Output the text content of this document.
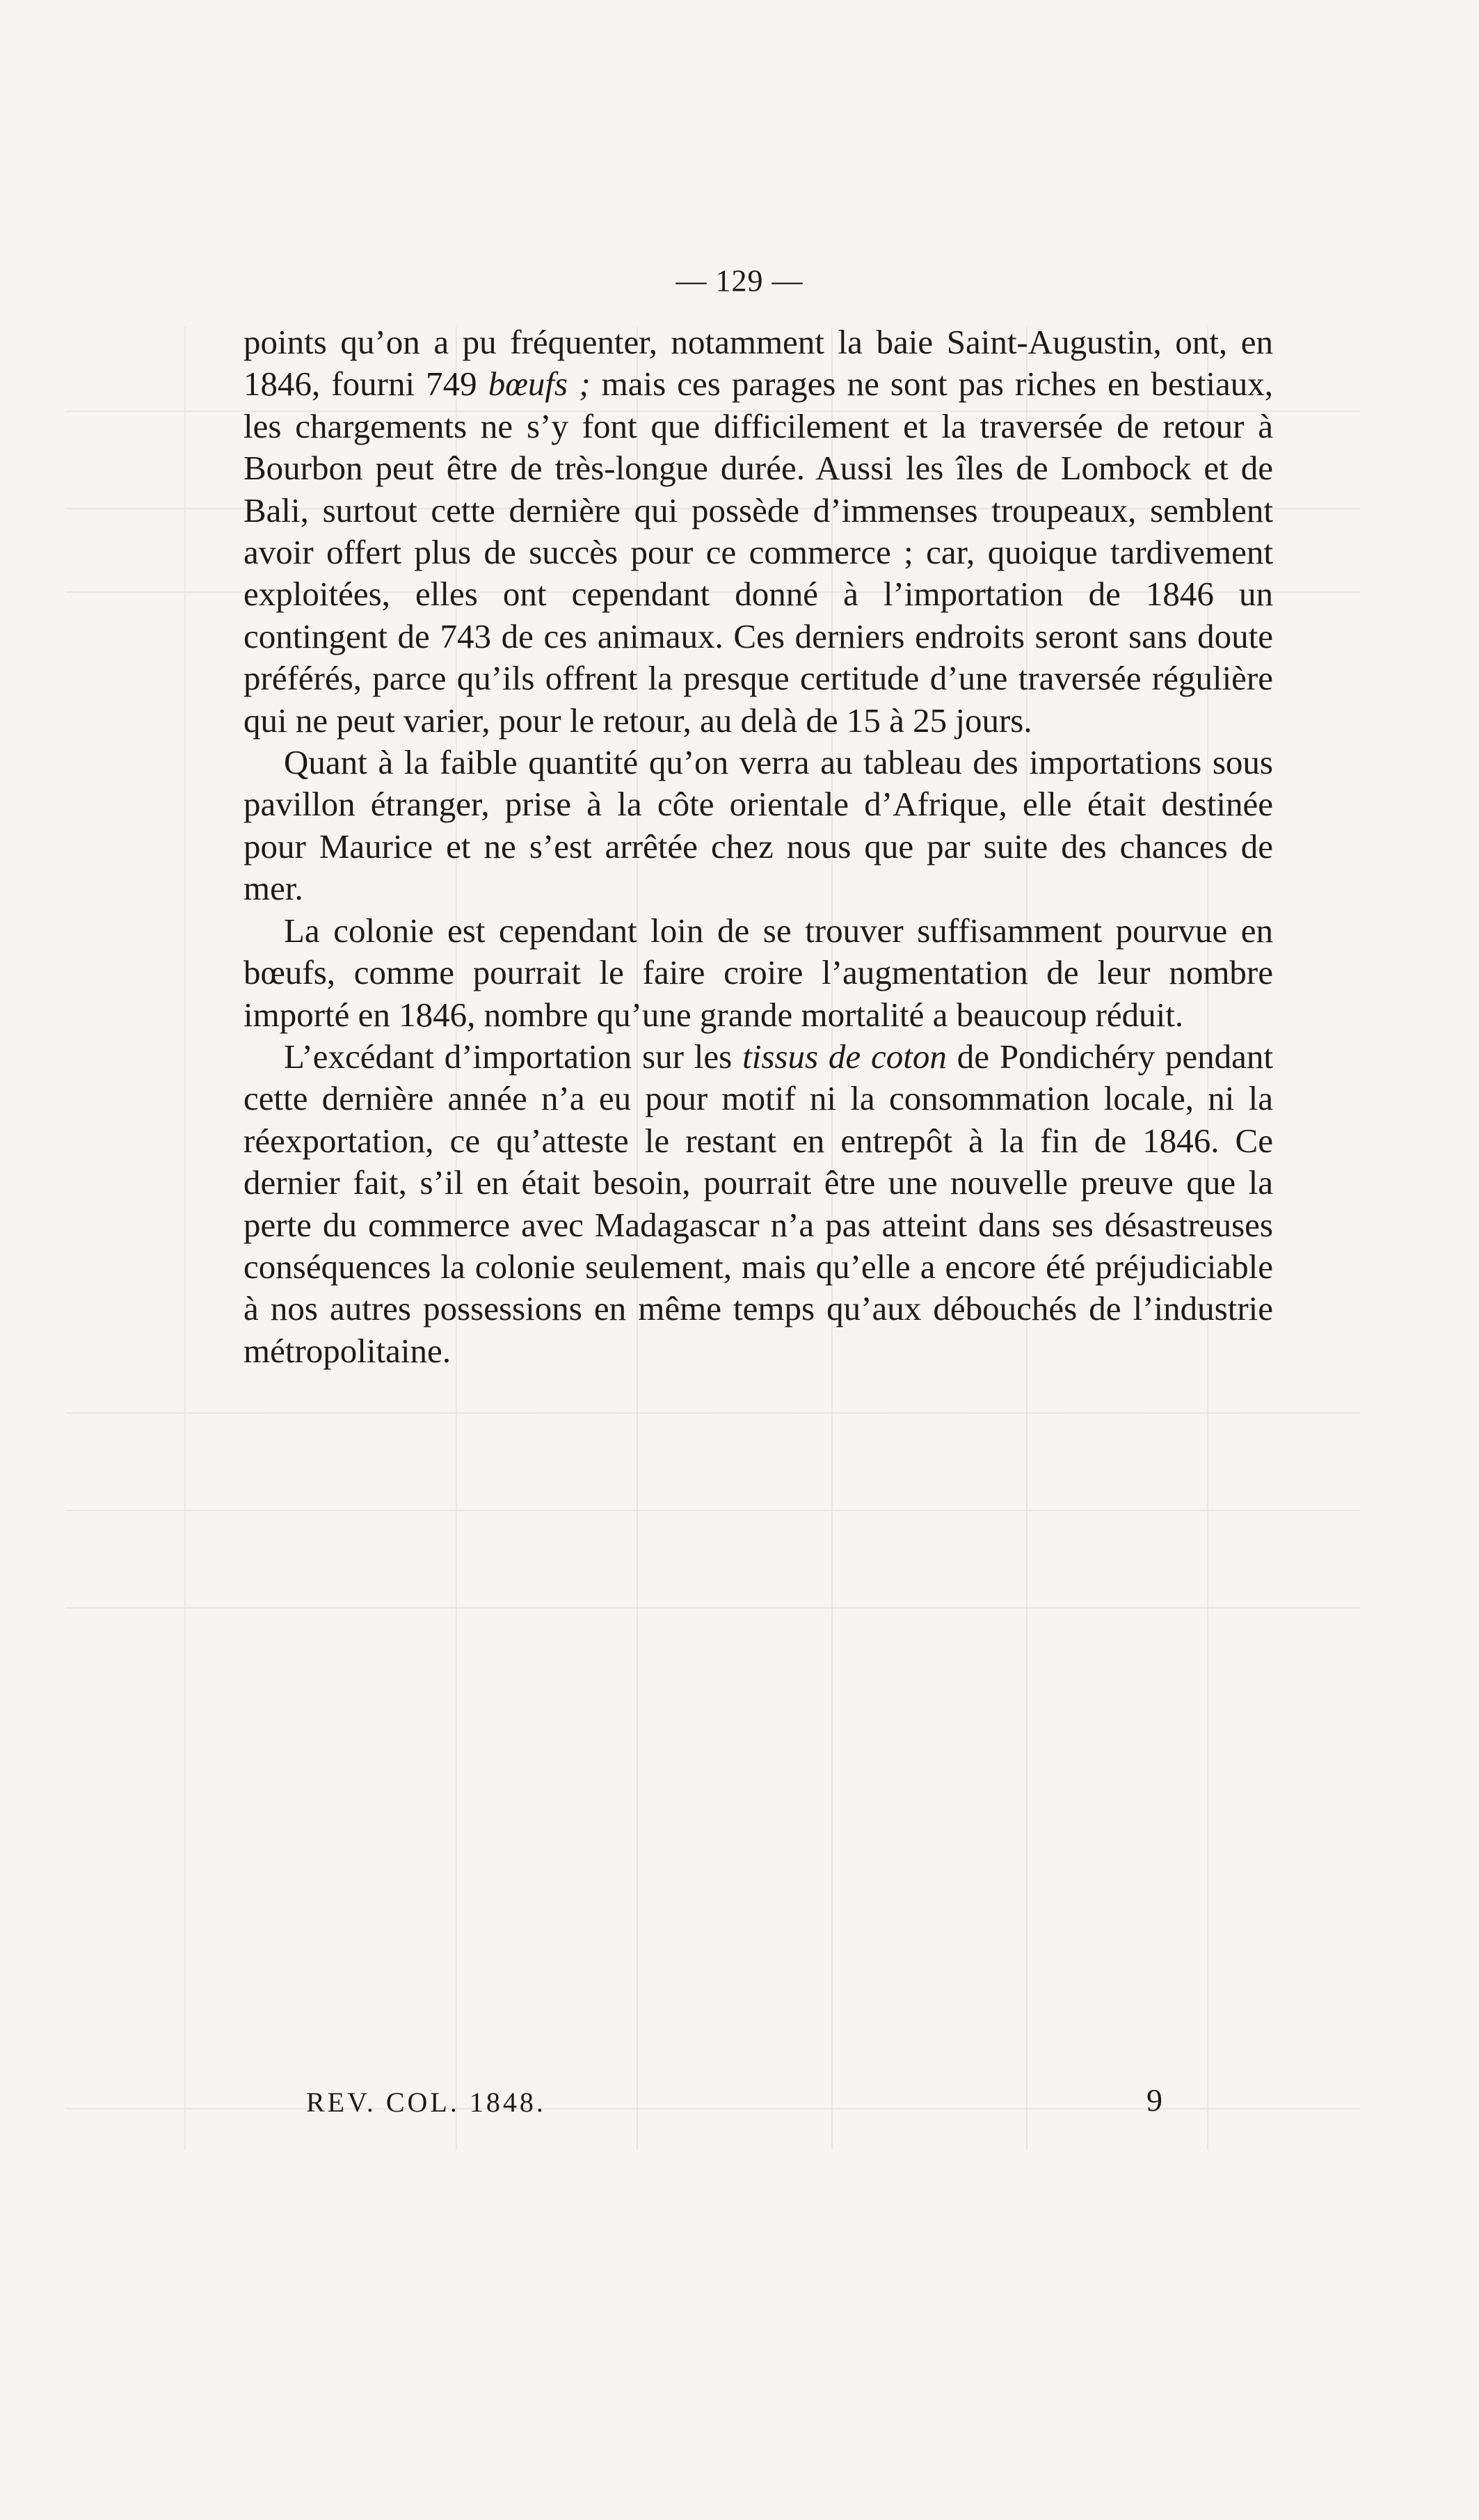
— 129 —

points qu’on a pu fréquenter, notamment la baie Saint-Augustin, ont, en 1846, fourni 749 bœufs ; mais ces parages ne sont pas riches en bestiaux, les chargements ne s’y font que difficilement et la traversée de retour à Bourbon peut être de très-longue durée. Aussi les îles de Lombock et de Bali, surtout cette dernière qui possède d’immenses troupeaux, semblent avoir offert plus de succès pour ce commerce ; car, quoique tardivement exploitées, elles ont cependant donné à l’importation de 1846 un contingent de 743 de ces animaux. Ces derniers endroits seront sans doute préférés, parce qu’ils offrent la presque certitude d’une traversée régulière qui ne peut varier, pour le retour, au delà de 15 à 25 jours.

Quant à la faible quantité qu’on verra au tableau des importations sous pavillon étranger, prise à la côte orientale d’Afrique, elle était destinée pour Maurice et ne s’est arrêtée chez nous que par suite des chances de mer.

La colonie est cependant loin de se trouver suffisamment pourvue en bœufs, comme pourrait le faire croire l’augmentation de leur nombre importé en 1846, nombre qu’une grande mortalité a beaucoup réduit.

L’excédant d’importation sur les tissus de coton de Pondichéry pendant cette dernière année n’a eu pour motif ni la consommation locale, ni la réexportation, ce qu’atteste le restant en entrepôt à la fin de 1846. Ce dernier fait, s’il en était besoin, pourrait être une nouvelle preuve que la perte du commerce avec Madagascar n’a pas atteint dans ses désastreuses conséquences la colonie seulement, mais qu’elle a encore été préjudiciable à nos autres possessions en même temps qu’aux débouchés de l’industrie métropolitaine.

REV. COL. 1848.	9
